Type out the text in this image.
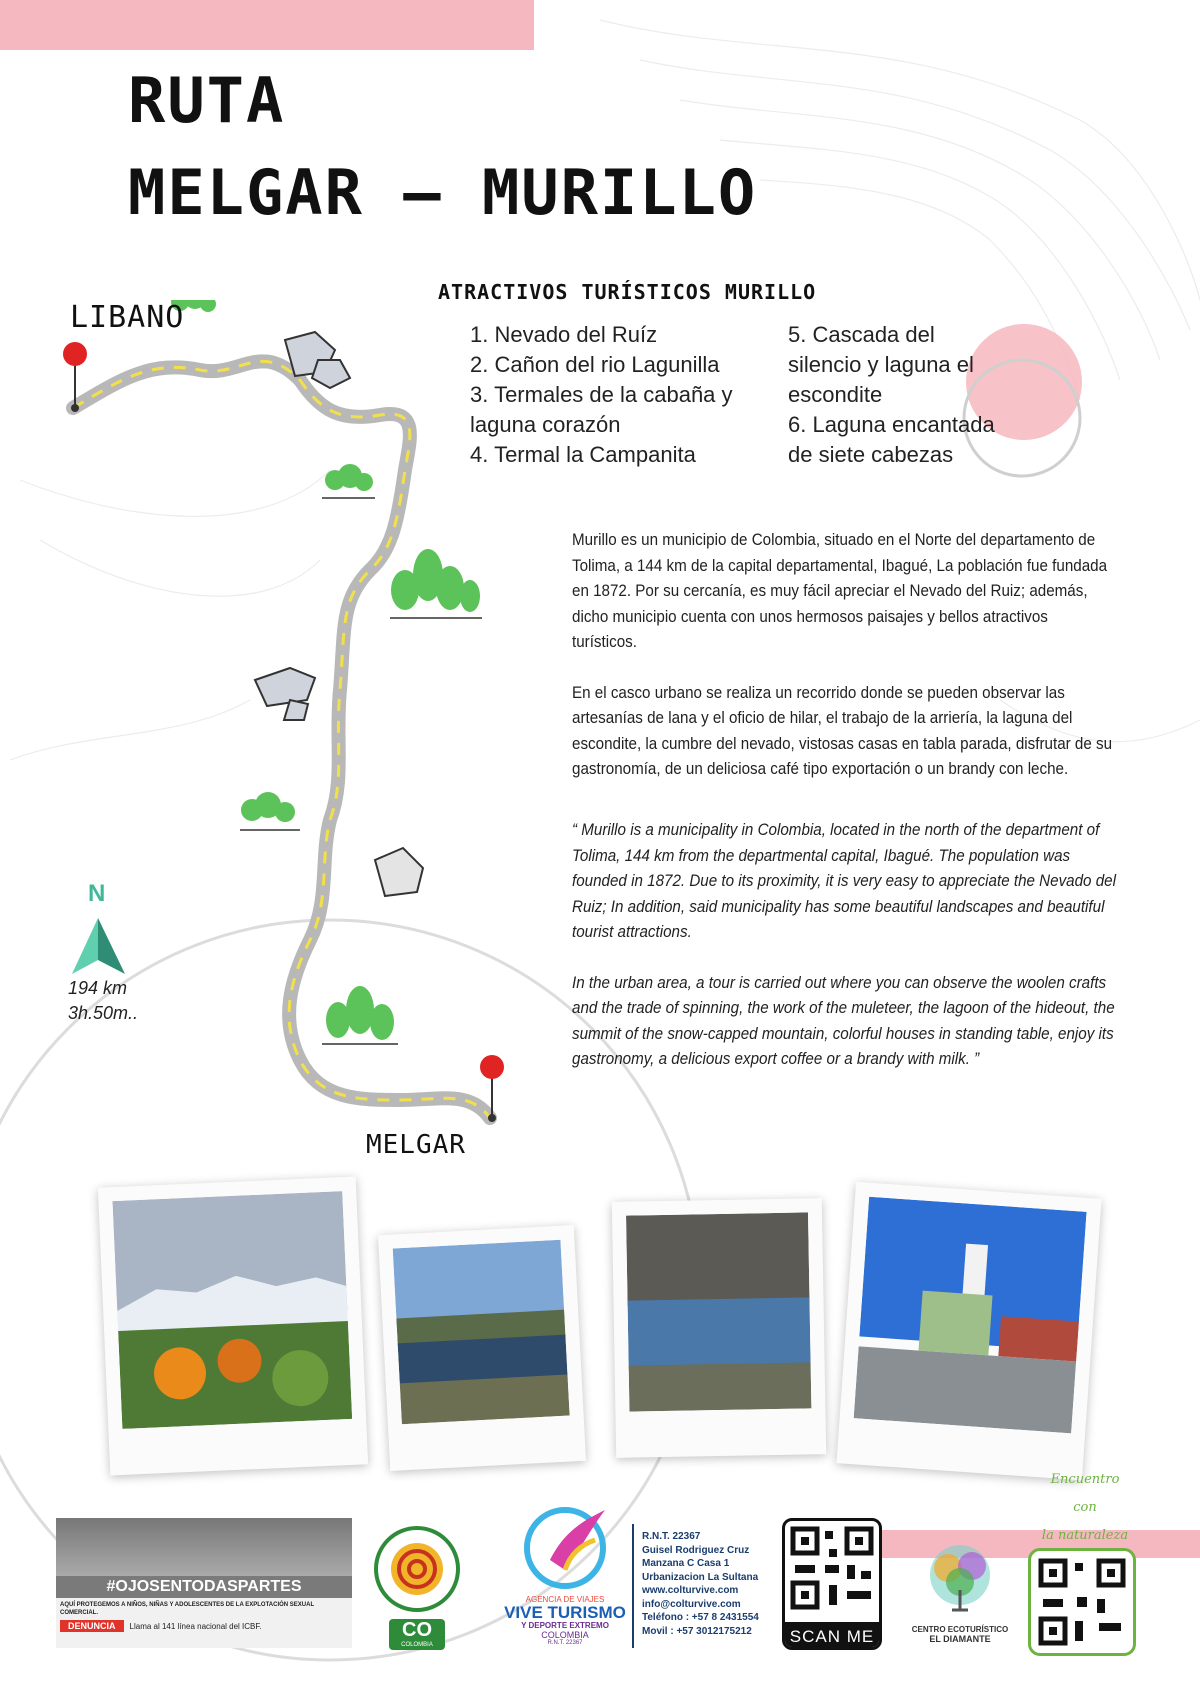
RUTA
MELGAR – MURILLO
LIBANO
MELGAR
N
194 km
3h.50m..
ATRACTIVOS TURÍSTICOS MURILLO
1. Nevado del Ruíz
2. Cañon del rio Lagunilla
3. Termales de la cabaña y laguna corazón
4. Termal la Campanita
5. Cascada del silencio y laguna el escondite
6. Laguna encantada de siete cabezas

Murillo es un municipio de Colombia, situado en el Norte del departamento de Tolima, a 144 km de la capital departamental, Ibagué, La población fue fundada en 1872. Por su cercanía, es muy fácil apreciar el Nevado del Ruiz; además, dicho municipio cuenta con unos hermosos paisajes y bellos atractivos turísticos.

En el casco urbano se realiza un recorrido donde se pueden observar las artesanías de lana y el oficio de hilar, el trabajo de la arriería, la laguna del escondite, la cumbre del nevado, vistosas casas en tabla parada, disfrutar de su gastronomía, de un deliciosa café tipo exportación o un brandy con leche.

“ Murillo is a municipality in Colombia, located in the north of the department of Tolima, 144 km from the departmental capital, Ibagué. The population was founded in 1872. Due to its proximity, it is very easy to appreciate the Nevado del Ruiz; In addition, said municipality has some beautiful landscapes and beautiful tourist attractions.

In the urban area, a tour is carried out where you can observe the woolen crafts and the trade of spinning, the work of the muleteer, the lagoon of the hideout, the summit of the snow-capped mountain, colorful houses in standing table, enjoy its gastronomy, a delicious export coffee or a brandy with milk. ”

#OJOSENTODASPARTES
AQUÍ PROTEGEMOS A NIÑOS, NIÑAS Y ADOLESCENTES DE LA EXPLOTACIÓN SEXUAL COMERCIAL.
DENUNCIA	Llama al 141 línea nacional del ICBF.	CO
COLOMBIA
AGENCIA DE VIAJES
VIVE TURISMO
Y DEPORTE EXTREMO
COLOMBIA
R.N.T. 22367
R.N.T. 22367
Guisel Rodriguez Cruz
Manzana C Casa 1
Urbanizacion La Sultana
www.colturvive.com
info@colturvive.com
Teléfono : +57 8 2431554
Movil : +57 3012175212	SCAN ME	CENTRO ECOTURÍSTICO
EL DIAMANTE
Encuentro
con
la naturaleza
